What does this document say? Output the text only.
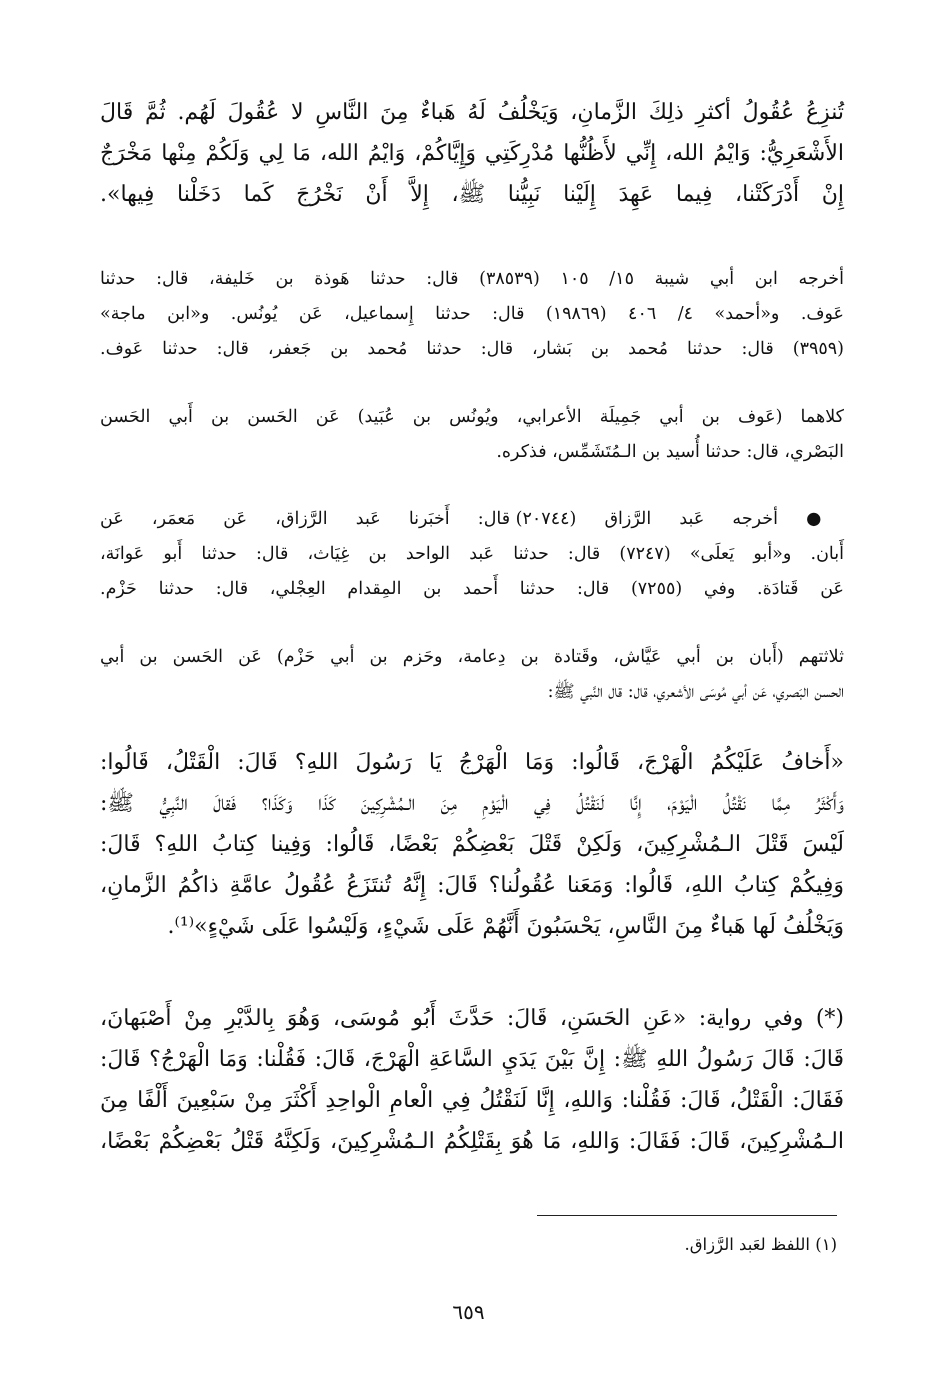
تُنزِعُ عُقُولُ أكثرِ ذلِكَ الزَّمانِ، وَيَخْلُفُ لَهُ هَباءٌ مِنَ النَّاسِ لا عُقُولَ لَهُم. ثُمَّ قَالَ
الأَشْعَرِيُّ: وَايْمُ الله، إِنِّي لأَظُنُّها مُدْرِكَتِي وَإِيَّاكُمْ، وَايْمُ الله، مَا لِي وَلَكُمْ مِنْها مَخْرَجٌ
إِنْ أَدْرَكَتْنا، فِيما عَهِدَ إِلَيْنا نَبِيُّنا ﷺ، إِلاَّ أَنْ نَخْرُجَ كَما دَخَلْنا فِيها».
أخرجه ابن أبي شيبة ١٥/ ١٠٥ (٣٨٥٣٩) قال: حدثنا هَوذة بن خَليفة، قال: حدثنا
عَوف. و«أحمد» ٤/ ٤٠٦ (١٩٨٦٩) قال: حدثنا إِسماعيل، عَن يُونُس. و«ابن ماجة»
(٣٩٥٩) قال: حدثنا مُحمد بن بَشار، قال: حدثنا مُحمد بن جَعفر، قال: حدثنا عَوف.
كلاهما (عَوف بن أبي جَمِيلَة الأعرابي، ويُونُس بن عُبَيد) عَن الحَسن بن أَبي الحَسن
البَصْري، قال: حدثنا أُسيد بن الـمُتَشَمِّس، فذكره.
● أخرجه عَبد الرَّزاق (٢٠٧٤٤) قال: أَخبَرنا عَبد الرَّزاق، عَن مَعمَر، عَن
أَبان. و«أبو يَعلَى» (٧٢٤٧) قال: حدثنا عَبد الواحد بن غِيَاث، قال: حدثنا أَبو عَوانَة،
عَن قَتادَة. وفي (٧٢٥٥) قال: حدثنا أَحمد بن المِقدام العِجْلي، قال: حدثنا حَزْم.
ثلاثتهم (أَبان بن أبي عَيَّاش، وقَتادة بن دِعامة، وحَزم بن أبي حَزْم) عَن الحَسن بن أبي
الحسن البَصري، عَن أبي مُوسَى الأشعري، قال: قال النَّبي ﷺ:
«أَخافُ عَلَيْكُمُ الْهَرْجَ، قَالُوا: وَمَا الْهَرْجُ يَا رَسُولَ اللهِ؟ قَالَ: الْقَتْلُ، قَالُوا:
وَأَكْثَرُ مِمَّا نَقْتُلُ الْيَوْمَ، إِنَّا لَنَقْتُلُ فِي الْيَوْمِ مِنَ الـمُشْرِكِينَ كَذَا وَكَذَا؟ فَقالَ النَّبِيُّ ﷺ:
لَيْسَ قَتْلَ الـمُشْرِكِينَ، وَلَكِنْ قَتْلَ بَعْضِكُمْ بَعْضًا، قَالُوا: وَفِينا كِتابُ اللهِ؟ قَالَ:
وَفِيكُمْ كِتابُ اللهِ، قَالُوا: وَمَعَنا عُقُولُنا؟ قَالَ: إِنَّهُ تُنتَزَعُ عُقُولُ عامَّةِ ذاكُمُ الزَّمانِ،
وَيَخْلُفُ لَها هَباءٌ مِنَ النَّاسِ، يَحْسَبُونَ أَنَّهُمْ عَلَى شَيْءٍ، وَلَيْسُوا عَلَى شَيْءٍ»⁽¹⁾.
(*) وفي رواية: «عَنِ الحَسَنِ، قَالَ: حَدَّثَ أَبُو مُوسَى، وَهُوَ بِالدَّيْرِ مِنْ أَصْبَهانَ،
قَالَ: قَالَ رَسُولُ اللهِ ﷺ: إِنَّ بَيْنَ يَدَيِ السَّاعَةِ الْهَرْجَ، قَالَ: فَقُلْنا: وَمَا الْهَرْجُ؟ قَالَ:
فَقَالَ: الْقَتْلُ، قَالَ: فَقُلْنا: وَاللهِ، إِنَّا لَنَقْتُلُ فِي الْعامِ الْواحِدِ أَكْثَرَ مِنْ سَبْعِينَ أَلْفًا مِنَ
الـمُشْرِكِينَ، قَالَ: فَقَالَ: وَاللهِ، مَا هُوَ بِقَتْلِكُمُ الـمُشْرِكِينَ، وَلَكِنَّهُ قَتْلُ بَعْضِكُمْ بَعْضًا،

(١) اللفظ لعَبد الرَّزاق.

٦٥٩
